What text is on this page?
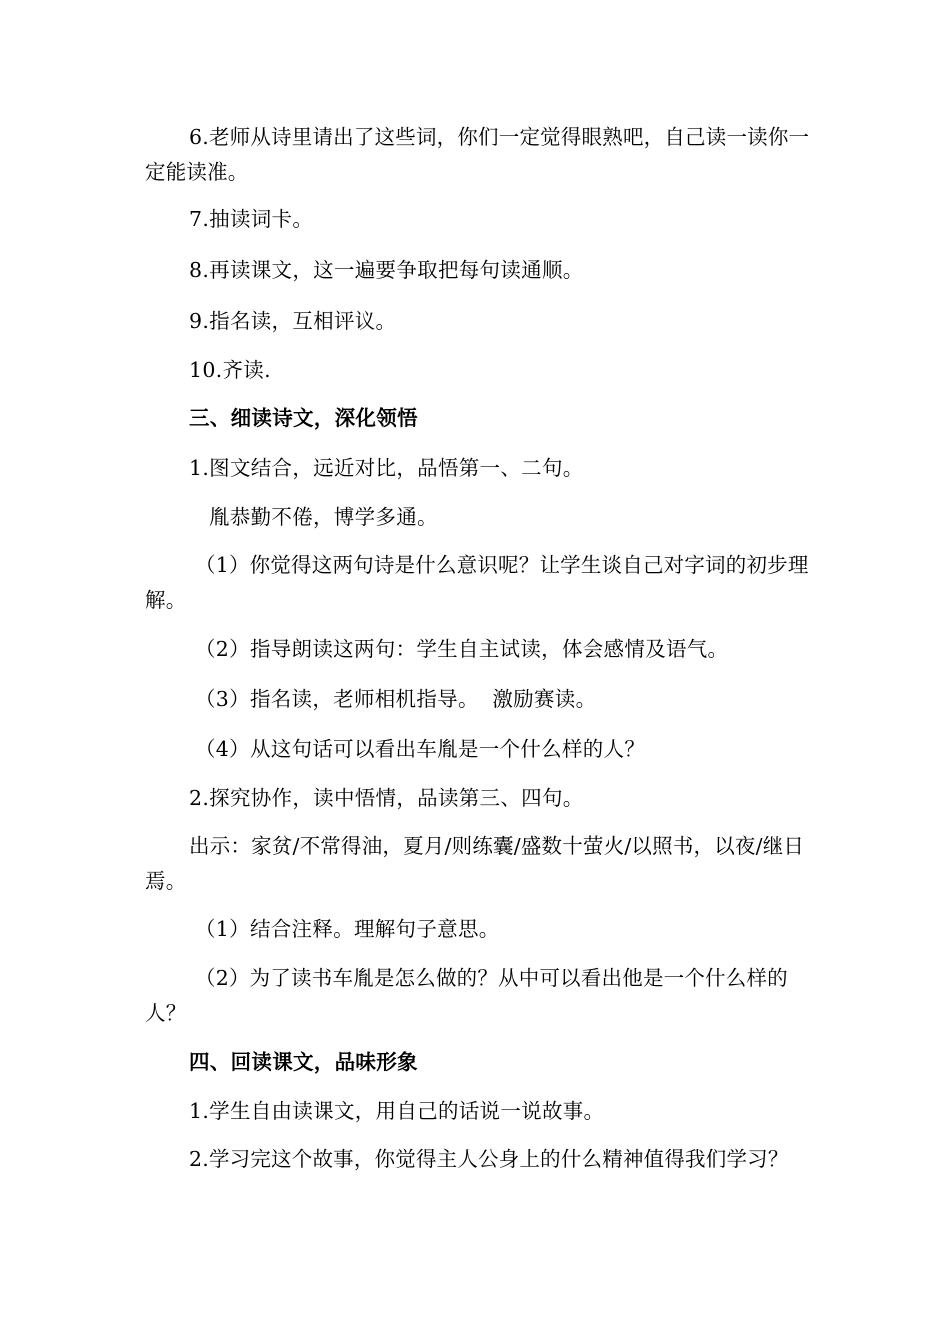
6.老师从诗里请出了这些词，你们一定觉得眼熟吧，自己读一读你一定能读准。
7.抽读词卡。
8.再读课文，这一遍要争取把每句读通顺。
9.指名读，互相评议。
10.齐读.
三、细读诗文，深化领悟
1.图文结合，远近对比，品悟第一、二句。
胤恭勤不倦，博学多通。
（1）你觉得这两句诗是什么意识呢？让学生谈自己对字词的初步理解。
（2）指导朗读这两句：学生自主试读，体会感情及语气。
（3）指名读，老师相机指导。  激励赛读。
（4）从这句话可以看出车胤是一个什么样的人？
2.探究协作，读中悟情，品读第三、四句。
出示：家贫/不常得油，夏月/则练囊/盛数十萤火/以照书，以夜/继日焉。
（1）结合注释。理解句子意思。
（2）为了读书车胤是怎么做的？从中可以看出他是一个什么样的人？
四、回读课文，品味形象
1.学生自由读课文，用自己的话说一说故事。
2.学习完这个故事，你觉得主人公身上的什么精神值得我们学习？
